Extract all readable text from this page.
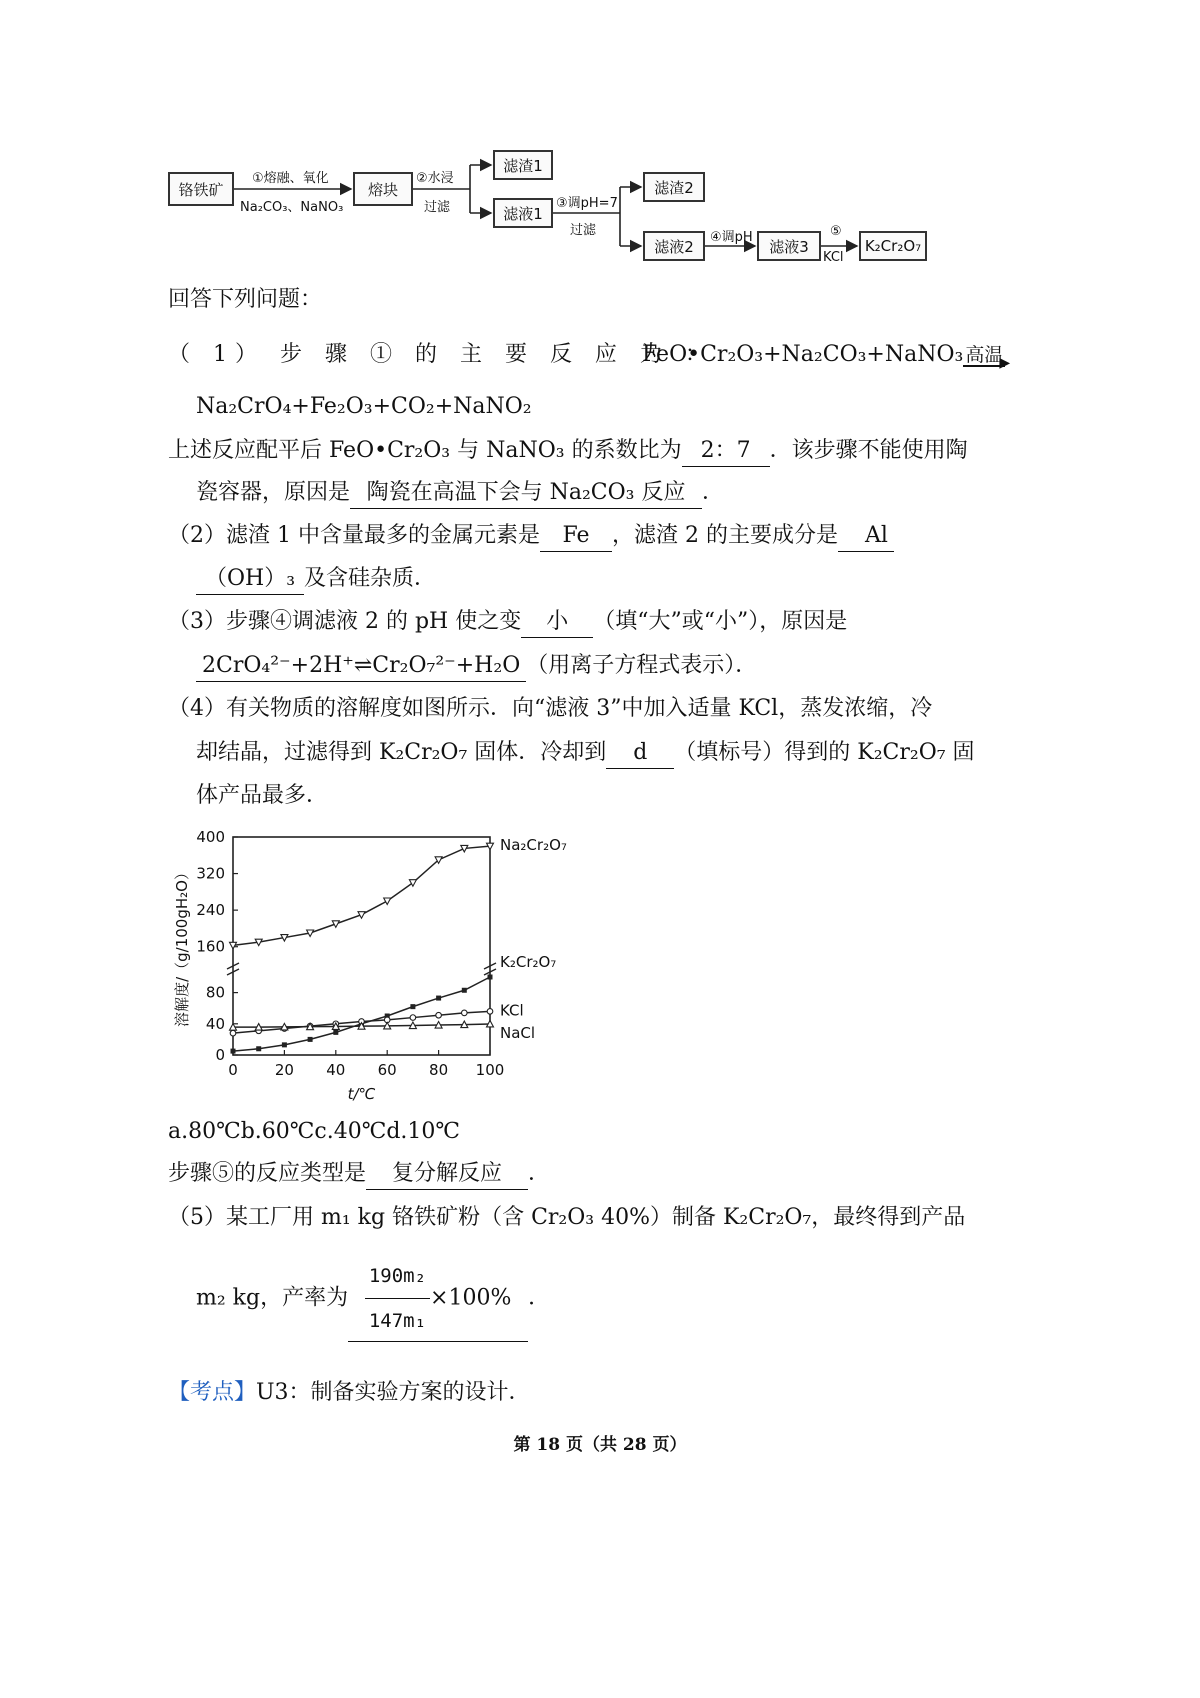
铬铁矿	熔块
滤渣1
滤液1
滤渣2
滤液2	滤液3	K₂Cr₂O₇
①熔融、氧化
Na₂CO₃、NaNO₃
②水浸
过滤	③调pH=7
过滤	④调pH	⑤
KCl
回答下列问题：
（ 1） 步 骤 ① 的 主 要 反 应 为 ：
FeO•Cr₂O₃+Na₂CO₃+NaNO₃ 高温
$_▶$
Na₂CrO₄+Fe₂O₃+CO₂+NaNO₂
上述反应配平后 FeO•Cr₂O₃ 与 NaNO₃ 的系数比为 2：7 ．该步骤不能使用陶
瓷容器，原因是 陶瓷在高温下会与 Na₂CO₃ 反应 ．
（2）滤渣 1 中含量最多的金属元素是 Fe ，滤渣 2 的主要成分是 Al
（OH）₃ 及含硅杂质．
（3）步骤④调滤液 2 的 pH 使之变 小 （填“大”或“小”），原因是
2CrO₄²⁻+2H⁺⇌Cr₂O₇²⁻+H₂O （用离子方程式表示）．
（4）有关物质的溶解度如图所示．向“滤液 3”中加入适量 KCl，蒸发浓缩，冷
却结晶，过滤得到 K₂Cr₂O₇ 固体．冷却到 d （填标号）得到的 K₂Cr₂O₇ 固
体产品最多．
0 20 40 60 80 100
0
40
80
160
240
320
400
溶解度/（g/100gH₂O）
t/℃
Na₂Cr₂O₇
K₂Cr₂O₇
KCl
NaCl
a.80℃b.60℃c.40℃d.10℃
步骤⑤的反应类型是 复分解反应 ．
（5）某工厂用 m₁ kg 铬铁矿粉（含 Cr₂O₃ 40%）制备 K₂Cr₂O₇，最终得到产品
m₂ kg，产率为 $\frac{\text{190m₂}}{\text{147m₁}} \times 100\%$ ．
【考点】U3：制备实验方案的设计．
第 18 页（共 28 页）
